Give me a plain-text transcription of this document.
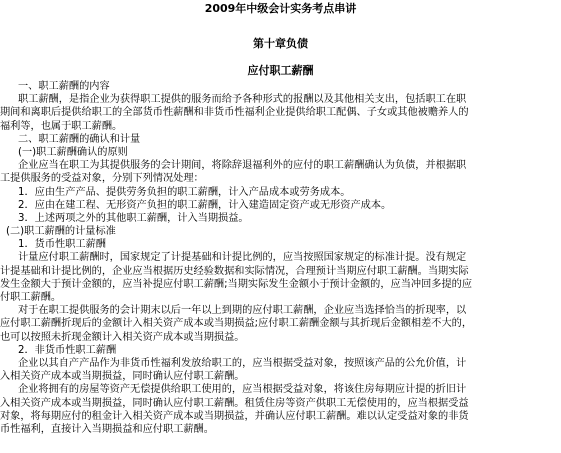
2009年中级会计实务考点串讲
第十章负债
应付职工薪酬
一、职工薪酬的内容
职工薪酬，是指企业为获得职工提供的服务而给予各种形式的报酬以及其他相关支出，包括职工在职
期间和离职后提供给职工的全部货币性薪酬和非货币性福利企业提供给职工配偶、子女或其他被赡养人的
福利等，也属于职工薪酬。
二、职工薪酬的确认和计量
(一)职工薪酬确认的原则
企业应当在职工为其提供服务的会计期间，将除辞退福利外的应付的职工薪酬确认为负债，并根据职
工提供服务的受益对象，分别下列情况处理：
1．应由生产产品、提供劳务负担的职工薪酬，计入产品成本或劳务成本。
2．应由在建工程、无形资产负担的职工薪酬，计入建造固定资产或无形资产成本。
3．上述两项之外的其他职工薪酬，计入当期损益。
(二)职工薪酬的计量标准
1．货币性职工薪酬
计量应付职工薪酬时，国家规定了计提基础和计提比例的，应当按照国家规定的标准计提。没有规定
计提基础和计提比例的，企业应当根据历史经验数据和实际情况，合理预计当期应付职工薪酬。当期实际
发生金额大于预计金额的，应当补提应付职工薪酬;当期实际发生金额小于预计金额的，应当冲回多提的应
付职工薪酬。
对于在职工提供服务的会计期末以后一年以上到期的应付职工薪酬，企业应当选择恰当的折现率，以
应付职工薪酬折现后的金额计入相关资产成本或当期损益;应付职工薪酬金额与其折现后金额相差不大的，
也可以按照未折现金额计入相关资产成本或当期损益。
2．非货币性职工薪酬
企业以其自产产品作为非货币性福利发放给职工的，应当根据受益对象，按照该产品的公允价值，计
入相关资产成本或当期损益，同时确认应付职工薪酬。
企业将拥有的房屋等资产无偿提供给职工使用的，应当根据受益对象，将该住房每期应计提的折旧计
入相关资产成本或当期损益，同时确认应付职工薪酬。租赁住房等资产供职工无偿使用的，应当根据受益
对象，将每期应付的租金计入相关资产成本或当期损益，并确认应付职工薪酬。难以认定受益对象的非货
币性福利，直接计入当期损益和应付职工薪酬。
